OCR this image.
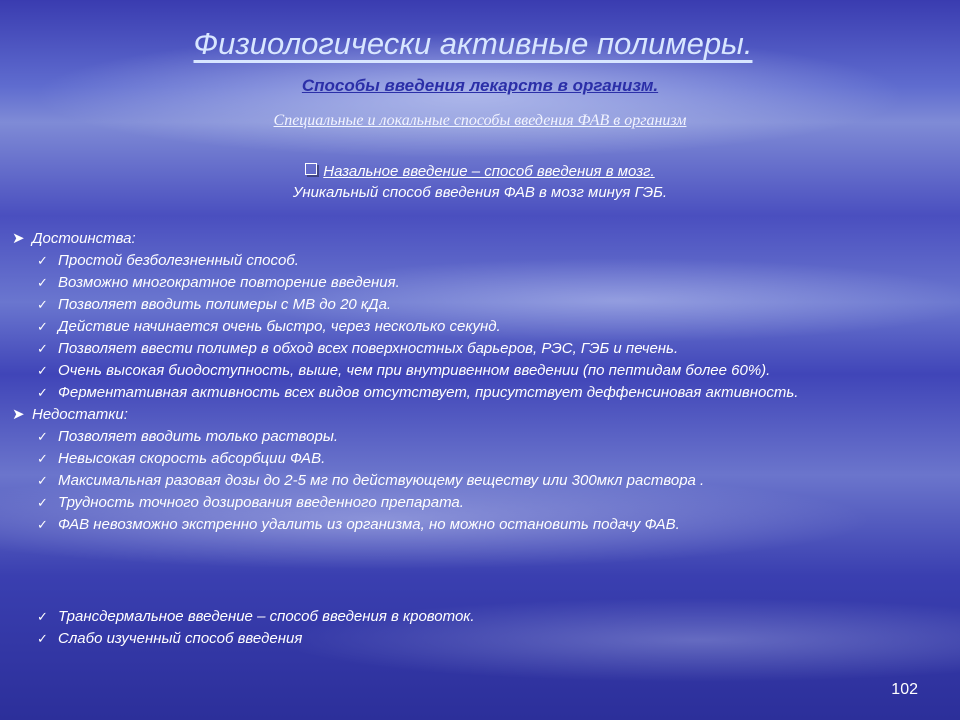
Физиологически активные полимеры.
Способы введения лекарств в организм.
Специальные и локальные способы введения ФАВ в организм
Назальное введение – способ введения в мозг.
Уникальный способ введения ФАВ в мозг минуя ГЭБ.
➤ Достоинства:
✓ Простой безболезненный способ.
✓ Возможно многократное повторение введения.
✓ Позволяет вводить полимеры с МВ до 20 кДа.
✓ Действие начинается очень быстро, через несколько секунд.
✓ Позволяет ввести полимер в обход всех поверхностных барьеров, РЭС, ГЭБ и печень.
✓ Очень высокая биодоступность, выше, чем при внутривенном введении (по пептидам более 60%).
✓ Ферментативная активность всех видов отсутствует, присутствует деффенсиновая активность.
➤ Недостатки:
✓ Позволяет вводить только растворы.
✓ Невысокая скорость абсорбции ФАВ.
✓ Максимальная разовая дозы до 2-5 мг по действующему веществу или 300мкл раствора .
✓ Трудность точного дозирования введенного препарата.
✓ ФАВ невозможно экстренно удалить из организма, но можно остановить подачу ФАВ.
✓ Трансдермальное введение – способ введения в кровоток.
✓ Слабо изученный способ введения
102
